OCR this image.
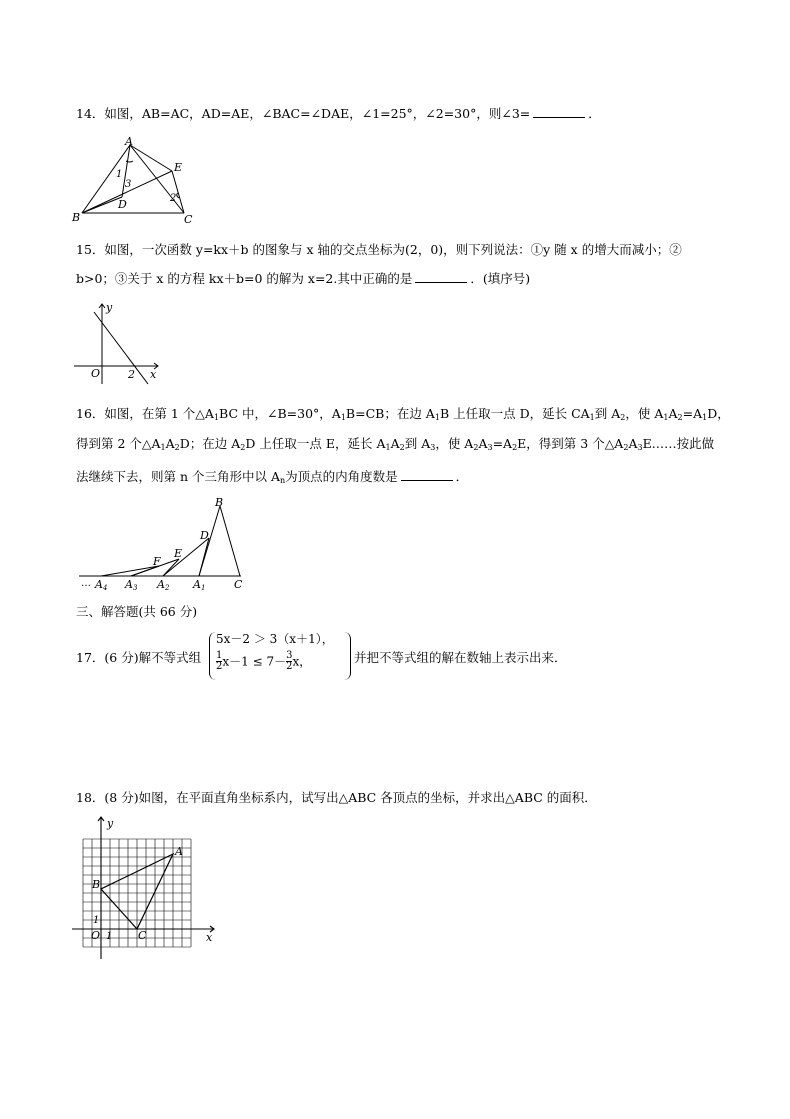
14．如图，AB=AC，AD=AE，∠BAC=∠DAE，∠1=25°，∠2=30°，则∠3=	．
A
B	C
D
E
1
2
3
15．如图，一次函数 y=kx＋b 的图象与 x 轴的交点坐标为(2，0)，则下列说法：①y 随 x 的增大而减小；②
b>0；③关于 x 的方程 kx＋b=0 的解为 x=2.其中正确的是	．(填序号)
y
x
O	2
16．如图，在第 1 个$\triangle A_1BC$ 中，∠B=30°，$A_1B=CB$；在边 $A_1B$ 上任取一点 D，延长 $CA_1$到 $A_2$，使 $A_1A_2=A_1D$，
得到第 2 个$\triangle A_1A_2D$；在边 $A_2D$ 上任取一点 E，延长 $A_1A_2$到 $A_3$，使 $A_2A_3=A_2E$，得到第 3 个$\triangle A_2A_3E\dots\dots$按此做
法继续下去，则第 n 个三角形中以 $A_n$为顶点的内角度数是	．
B
C
D
E
F
A1
A2
A3
A4
…
三、解答题(共 66 分)
17．(6 分)解不等式组
5x－2 ＞ 3（x＋1），
$\frac{1}{2} x-1 \le 7- \frac{3}{2}$ x，	并把不等式组的解在数轴上表示出来．
18．(8 分)如图，在平面直角坐标系内，试写出△ABC 各顶点的坐标，并求出△ABC 的面积．
y
x
O 1
1
A
B
C
